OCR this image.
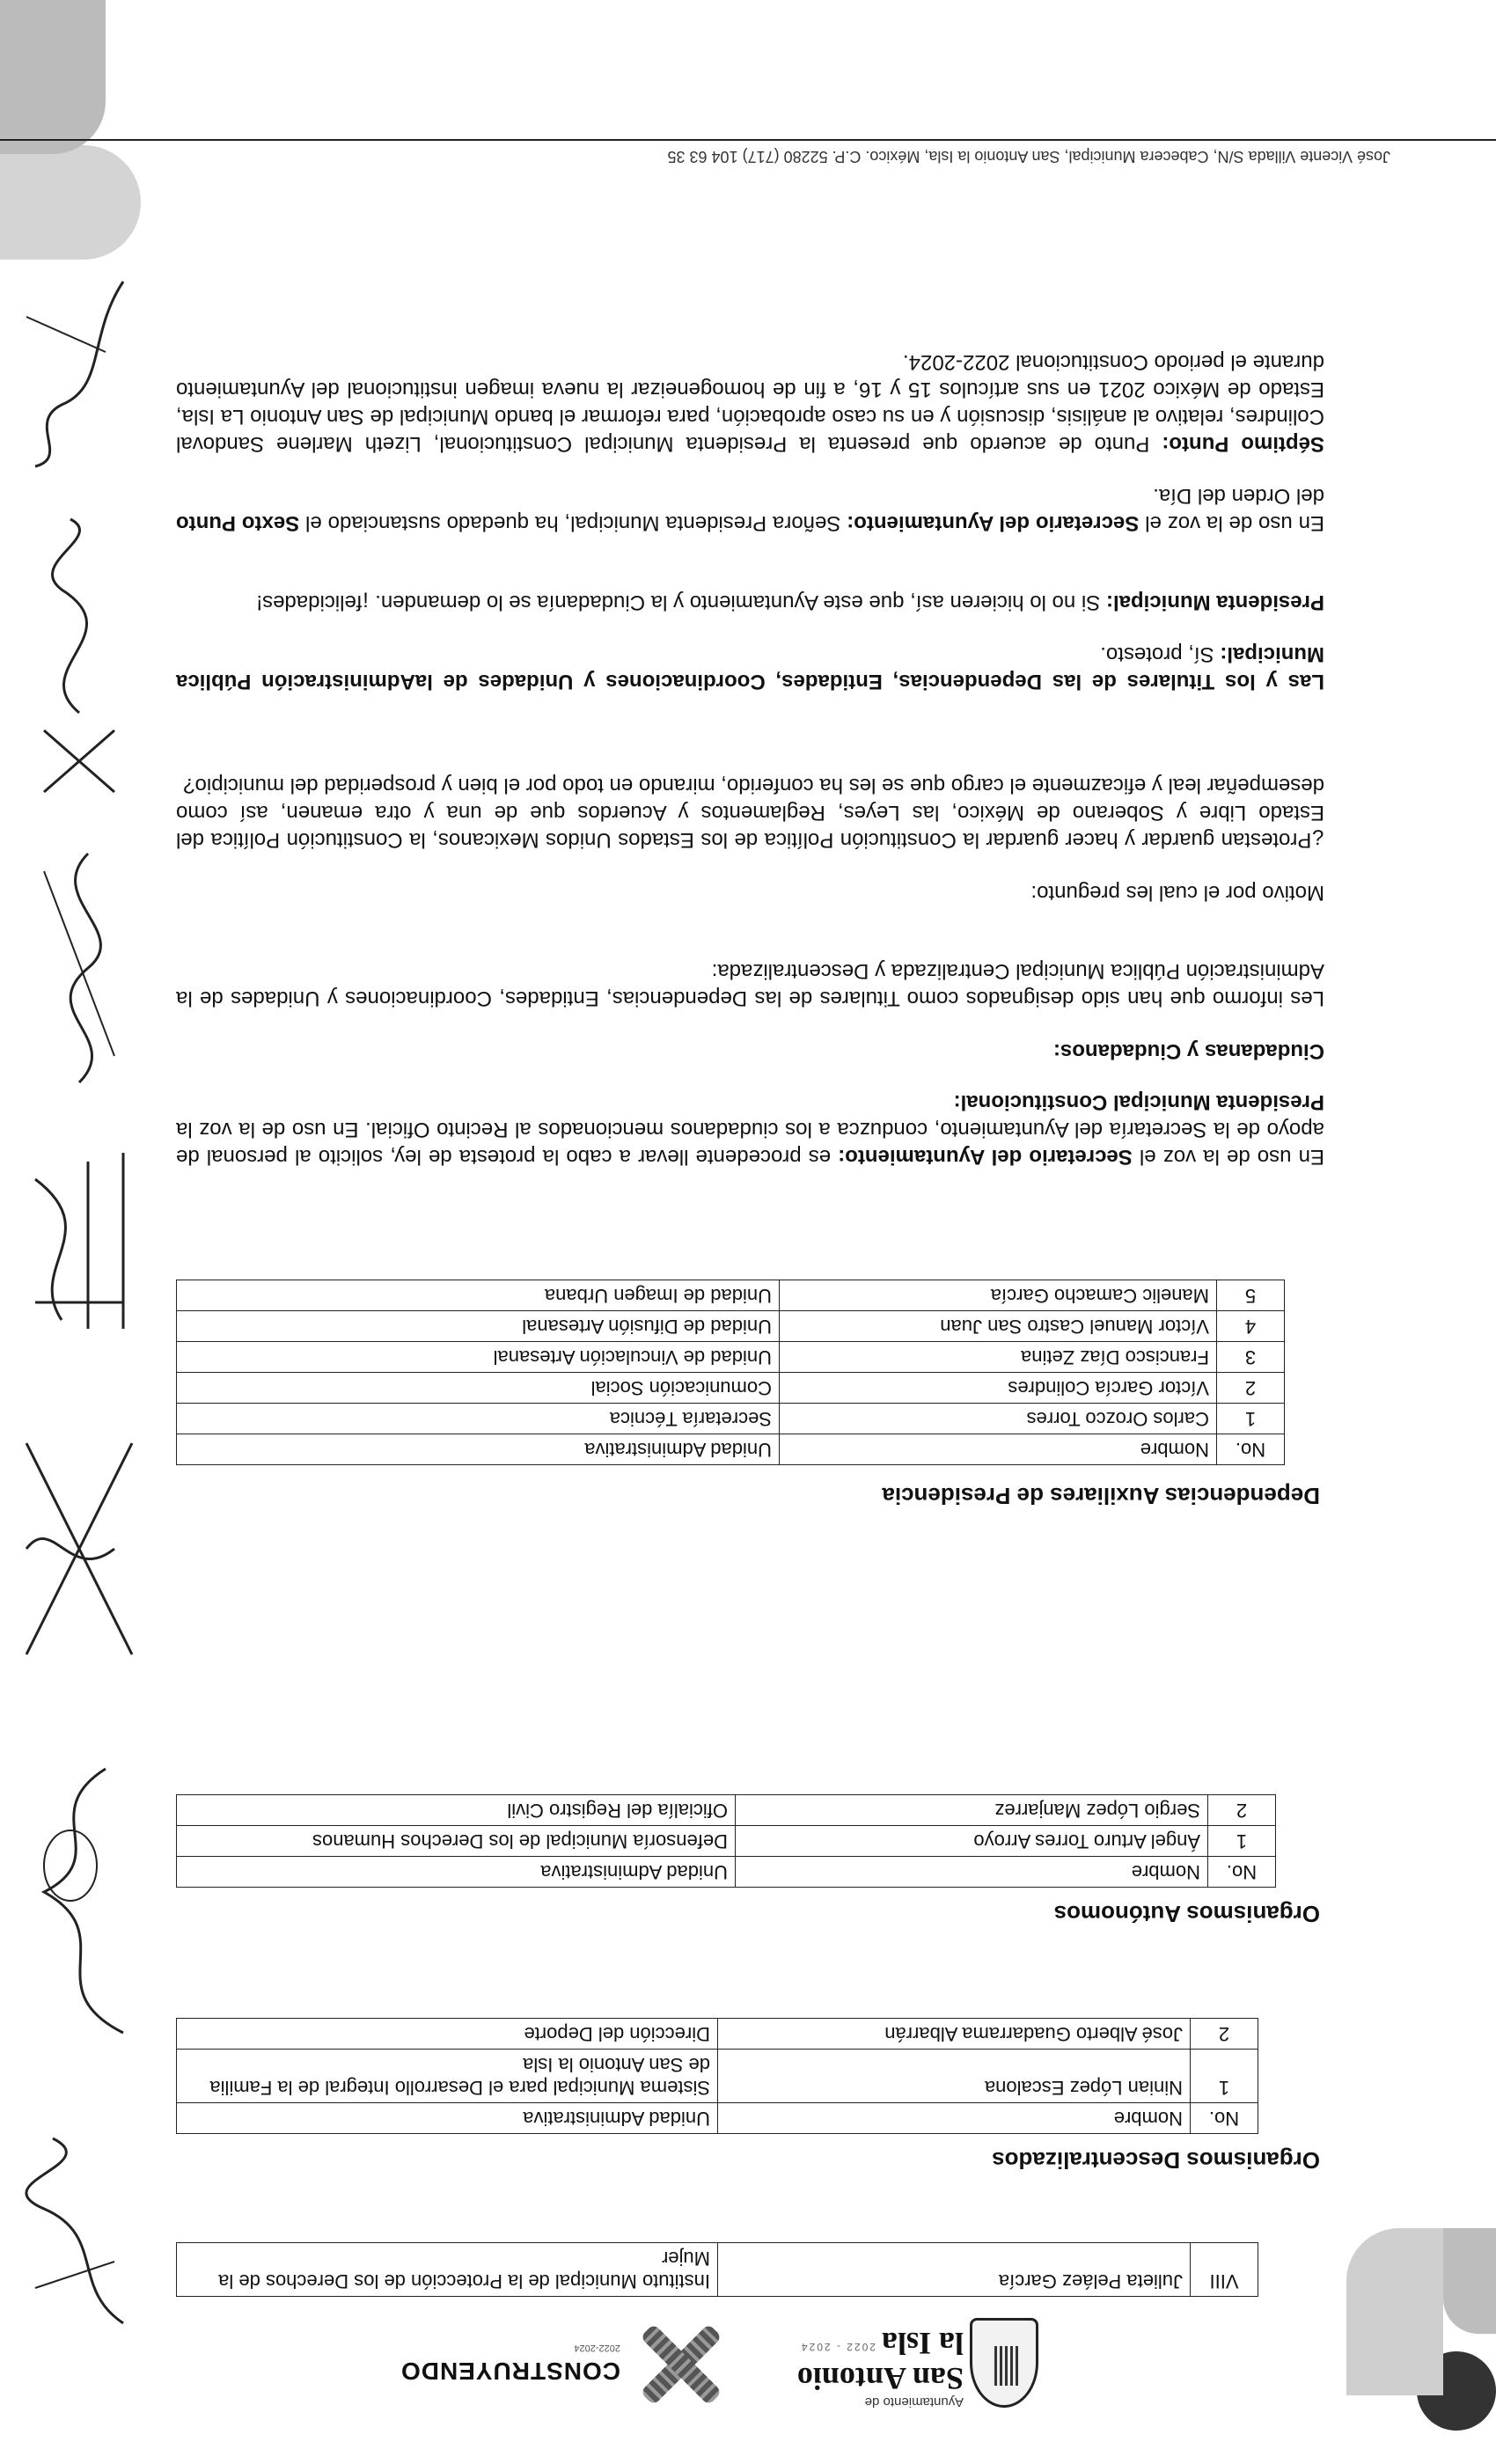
Ayuntamiento de
San Antonio
la Isla
2022 - 2024
CONSTRUYENDO
2022-2024
VIII	Julieta Peláez García	Instituto Municipal de la Protección de los Derechos de la Mujer
Organismos Descentralizados
No.	Nombre	Unidad Administrativa
1	Ninian López Escalona	Sistema Municipal para el Desarrollo Integral de la Familia de San Antonio la Isla
2	José Alberto Guadarrama Albarrán	Dirección del Deporte
Organismos Autónomos
No.	Nombre	Unidad Administrativa
1	Ángel Arturo Torres Arroyo	Defensoría Municipal de los Derechos Humanos
2	Sergio López Manjarrez	Oficialía del Registro Civil
Dependencias Auxiliares de Presidencia
No.	Nombre	Unidad Administrativa
1	Carlos Orozco Torres	Secretaría Técnica
2	Víctor García Colindres	Comunicación Social
3	Francisco Díaz Zetina	Unidad de Vinculación Artesanal
4	Víctor Manuel Castro San Juan	Unidad de Difusión Artesanal
5	Manelic Camacho García	Unidad de Imagen Urbana
En uso de la voz el Secretario del Ayuntamiento: es procedente llevar a cabo la protesta de ley, solicito al personal de apoyo de la Secretaría del Ayuntamiento, conduzca a los ciudadanos mencionados al Recinto Oficial. En uso de la voz la Presidenta Municipal Constitucional:
Ciudadanas y Ciudadanos:
Les informo que han sido designados como Titulares de las Dependencias, Entidades, Coordinaciones y Unidades de la Administración Pública Municipal Centralizada y Descentralizada:
Motivo por el cual les pregunto:
¿Protestan guardar y hacer guardar la Constitución Política de los Estados Unidos Mexicanos, la Constitución Política del Estado Libre y Soberano de México, las Leyes, Reglamentos y Acuerdos que de una y otra emanen, así como desempeñar leal y eficazmente el cargo que se les ha conferido, mirando en todo por el bien y prosperidad del municipio?
Las y los Titulares de las Dependencias, Entidades, Coordinaciones y Unidades de laAdministración Pública Municipal: Sí, protesto.
Presidenta Municipal: Si no lo hicieren así, que este Ayuntamiento y la Ciudadanía se lo demanden. ¡felicidades!
En uso de la voz el Secretario del Ayuntamiento: Señora Presidenta Municipal, ha quedado sustanciado el Sexto Punto del Orden del Día.
Séptimo Punto: Punto de acuerdo que presenta la Presidenta Municipal Constitucional, Lizeth Marlene Sandoval Colindres, relativo al análisis, discusión y en su caso aprobación, para reformar el bando Municipal de San Antonio La Isla, Estado de México 2021 en sus artículos 15 y 16, a fin de homogeneizar la nueva imagen institucional del Ayuntamiento durante el periodo Constitucional 2022-2024.
José Vicente Villada S/N, Cabecera Municipal, San Antonio la Isla, México. C.P. 52280 (717) 104 63 35
